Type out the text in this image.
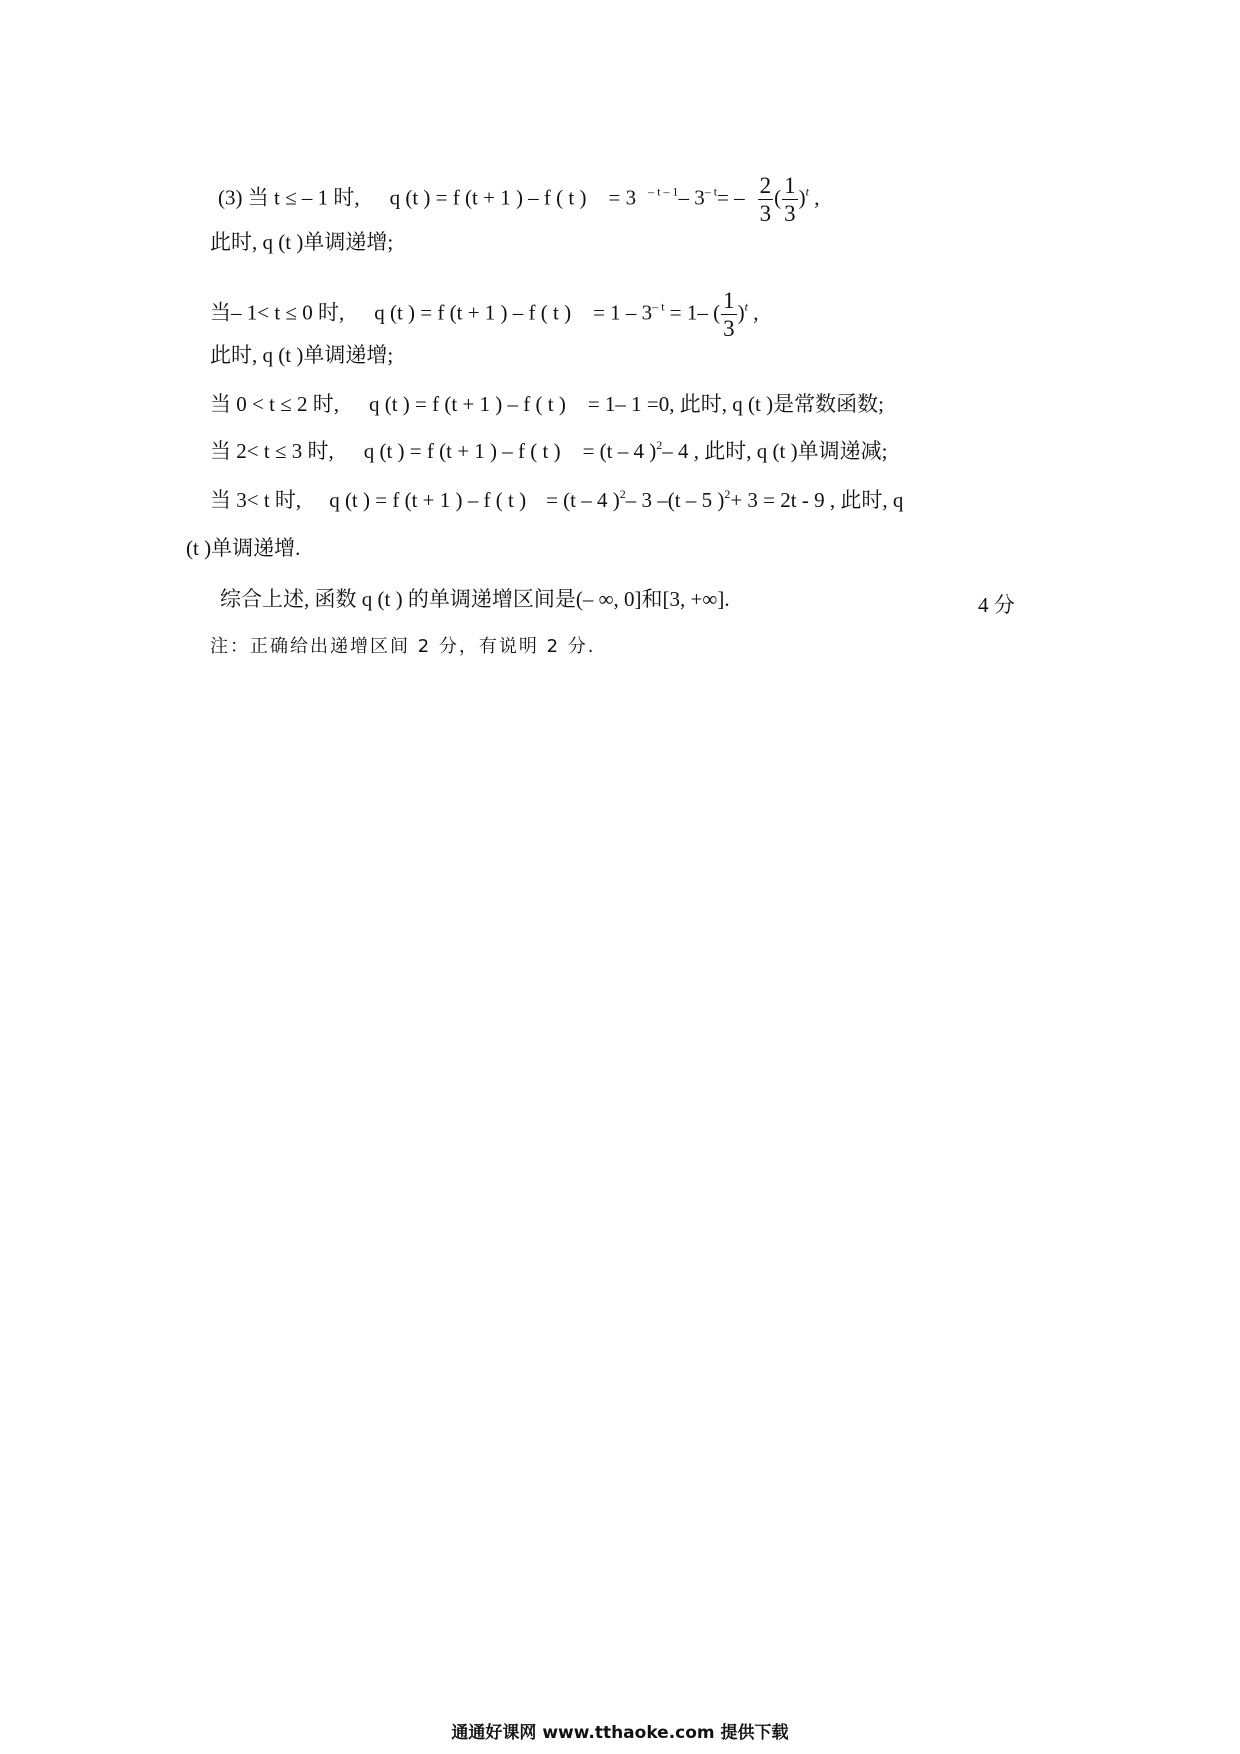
(3) 当 t ≤ – 1 时, q (t ) = f (t + 1 ) – f ( t ) = 3 $^{- t - 1}$– $3^{- t}= - \frac{2}{3}$ ( $\frac{1}{3} )^t$ ,
此时, q (t )单调递增;
当– 1< t ≤ 0 时, q (t ) = f (t + 1 ) – f ( t ) = $1 - 3^{- t} = 1-$ ( $\frac{1}{3} )^t$ ,
此时, q (t )单调递增;
当 0 < t ≤ 2 时, q (t ) = f (t + 1 ) – f ( t ) = 1– 1 =0, 此时, q (t )是常数函数;
当 2< t ≤ 3 时, q (t ) = f (t + 1 ) – f ( t ) = (t – 4 )$^2$– 4 , 此时, q (t )单调递减;
当 3< t 时, q (t ) = f (t + 1 ) – f ( t ) = (t – 4 )$^2$– 3 –(t – 5 )$^2$+ 3 = 2t - 9 , 此时, q
(t )单调递增.
综合上述, 函数 q (t ) 的单调递增区间是(– ∞, 0]和[3, +∞].	4 分
注：正确给出递增区间 2 分，有说明 2 分.
通通好课网 www.tthaoke.com 提供下载
